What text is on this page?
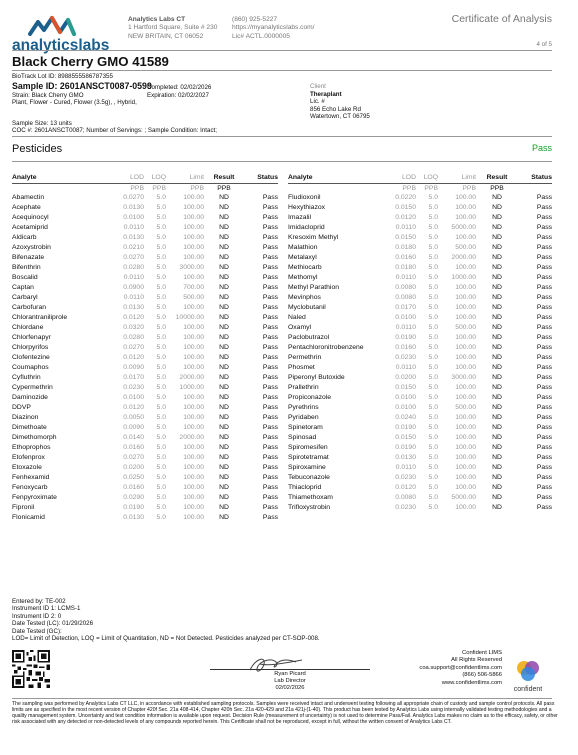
analyticslabs
Analytics Labs CT
1 Hartford Square, Suite # 230
NEW BRITAIN, CT 06052
(860) 925-5227
https://myanalyticslabs.com/
Lic# ACTL.0000005
Certificate of Analysis
4 of 5
Black Cherry GMO 41589
BioTrack Lot ID: 8988555586787355
Sample ID: 2601ANSCT0087-0599
Strain: Black Cherry GMO
Plant, Flower - Cured, Flower (3.5g), , Hybrid,
Completed: 02/02/2026
Expiration: 02/02/2027
Client
Theraplant
Lic. #
856 Echo Lake Rd
Watertown, CT 06795
Sample Size: 13 units
COC #: 2601ANSCT0087; Number of Servings: ; Sample Condition: Intact;
Pesticides	Pass
Analyte	LOD	LOQ	Limit	Result	Status
	PPB	PPB	PPB	PPB	
Abamectin	0.0270	5.0	100.00	ND	Pass
Acephate	0.0130	5.0	100.00	ND	Pass
Acequinocyl	0.0100	5.0	100.00	ND	Pass
Acetamiprid	0.0110	5.0	100.00	ND	Pass
Aldicarb	0.0130	5.0	100.00	ND	Pass
Azoxystrobin	0.0210	5.0	100.00	ND	Pass
Bifenazate	0.0270	5.0	100.00	ND	Pass
Bifenthrin	0.0280	5.0	3000.00	ND	Pass
Boscalid	0.0110	5.0	100.00	ND	Pass
Captan	0.0900	5.0	700.00	ND	Pass
Carbaryl	0.0110	5.0	500.00	ND	Pass
Carbofuran	0.0130	5.0	100.00	ND	Pass
Chlorantraniliprole	0.0120	5.0	10000.00	ND	Pass
Chlordane	0.0320	5.0	100.00	ND	Pass
Chlorfenapyr	0.0280	5.0	100.00	ND	Pass
Chlorpyrifos	0.0270	5.0	100.00	ND	Pass
Clofentezine	0.0120	5.0	100.00	ND	Pass
Coumaphos	0.0090	5.0	100.00	ND	Pass
Cyfluthrin	0.0170	5.0	2000.00	ND	Pass
Cypermethrin	0.0230	5.0	1000.00	ND	Pass
Daminozide	0.0100	5.0	100.00	ND	Pass
DDVP	0.0120	5.0	100.00	ND	Pass
Diazinon	0.0050	5.0	100.00	ND	Pass
Dimethoate	0.0090	5.0	100.00	ND	Pass
Dimethomorph	0.0140	5.0	2000.00	ND	Pass
Ethoprophos	0.0160	5.0	100.00	ND	Pass
Etofenprox	0.0270	5.0	100.00	ND	Pass
Etoxazole	0.0200	5.0	100.00	ND	Pass
Fenhexamid	0.0250	5.0	100.00	ND	Pass
Fenoxycarb	0.0160	5.0	100.00	ND	Pass
Fenpyroximate	0.0290	5.0	100.00	ND	Pass
Fipronil	0.0190	5.0	100.00	ND	Pass
Flonicamid	0.0130	5.0	100.00	ND	Pass
Analyte	LOD	LOQ	Limit	Result	Status
	PPB	PPB	PPB	PPB	
Fludioxonil	0.0220	5.0	100.00	ND	Pass
Hexythiazox	0.0150	5.0	100.00	ND	Pass
Imazalil	0.0120	5.0	100.00	ND	Pass
Imidacloprid	0.0110	5.0	5000.00	ND	Pass
Kresoxim Methyl	0.0150	5.0	100.00	ND	Pass
Malathion	0.0180	5.0	500.00	ND	Pass
Metalaxyl	0.0160	5.0	2000.00	ND	Pass
Methiocarb	0.0180	5.0	100.00	ND	Pass
Methomyl	0.0110	5.0	1000.00	ND	Pass
Methyl Parathion	0.0080	5.0	100.00	ND	Pass
Mevinphos	0.0080	5.0	100.00	ND	Pass
Myclobutanil	0.0170	5.0	100.00	ND	Pass
Naled	0.0100	5.0	100.00	ND	Pass
Oxamyl	0.0110	5.0	500.00	ND	Pass
Paclobutrazol	0.0190	5.0	100.00	ND	Pass
Pentachloronitrobenzene	0.0160	5.0	100.00	ND	Pass
Permethrin	0.0230	5.0	100.00	ND	Pass
Phosmet	0.0110	5.0	100.00	ND	Pass
Piperonyl Butoxide	0.0200	5.0	3000.00	ND	Pass
Prallethrin	0.0150	5.0	100.00	ND	Pass
Propiconazole	0.0100	5.0	100.00	ND	Pass
Pyrethrins	0.0100	5.0	500.00	ND	Pass
Pyridaben	0.0240	5.0	100.00	ND	Pass
Spinetoram	0.0190	5.0	100.00	ND	Pass
Spinosad	0.0150	5.0	100.00	ND	Pass
Spiromesifen	0.0190	5.0	100.00	ND	Pass
Spirotetramat	0.0130	5.0	100.00	ND	Pass
Spiroxamine	0.0110	5.0	100.00	ND	Pass
Tebuconazole	0.0230	5.0	100.00	ND	Pass
Thiacloprid	0.0120	5.0	100.00	ND	Pass
Thiamethoxam	0.0080	5.0	5000.00	ND	Pass
Trifloxystrobin	0.0230	5.0	100.00	ND	Pass
Entered by: TE-002
Instrument ID 1: LCMS-1
Instrument ID 2: 0
Date Tested (LC): 01/29/2026
Date Tested (GC):
LOD= Limit of Detection, LOQ = Limit of Quantitation, ND = Not Detected. Pesticides analyzed per CT-SOP-008.
Ryan Picard
Lab Director
02/02/2026
Confident LIMS
All Rights Reserved
coa.support@confidentlims.com
(866) 506-5866
www.confidentlims.com
confident
The sampling was performed by Analytics Labs CT LLC, in accordance with established sampling protocols. Samples were received intact and underwent testing following all appropriate chain of custody and sample control protocols. All pass limits are as specified in the most recent version of Chapter 420f Sec. 21a 408-414, Chapter 420h Sec. 21a 420-429 and 21a 421j-(1-40). This product has been tested by Analytics Labs using internally validated testing methodologies and a quality management system. Uncertainty and test condition information is available upon request. Decision Rule (measurement of uncertainty) is not used to determine Pass/Fail. Analytics Labs makes no claim as to the efficacy, safety, or other risk associated with any detected or non-detected levels of any compounds reported herein. This Certificate shall not be reproduced, except in full, without the written consent of Analytics Labs CT.
